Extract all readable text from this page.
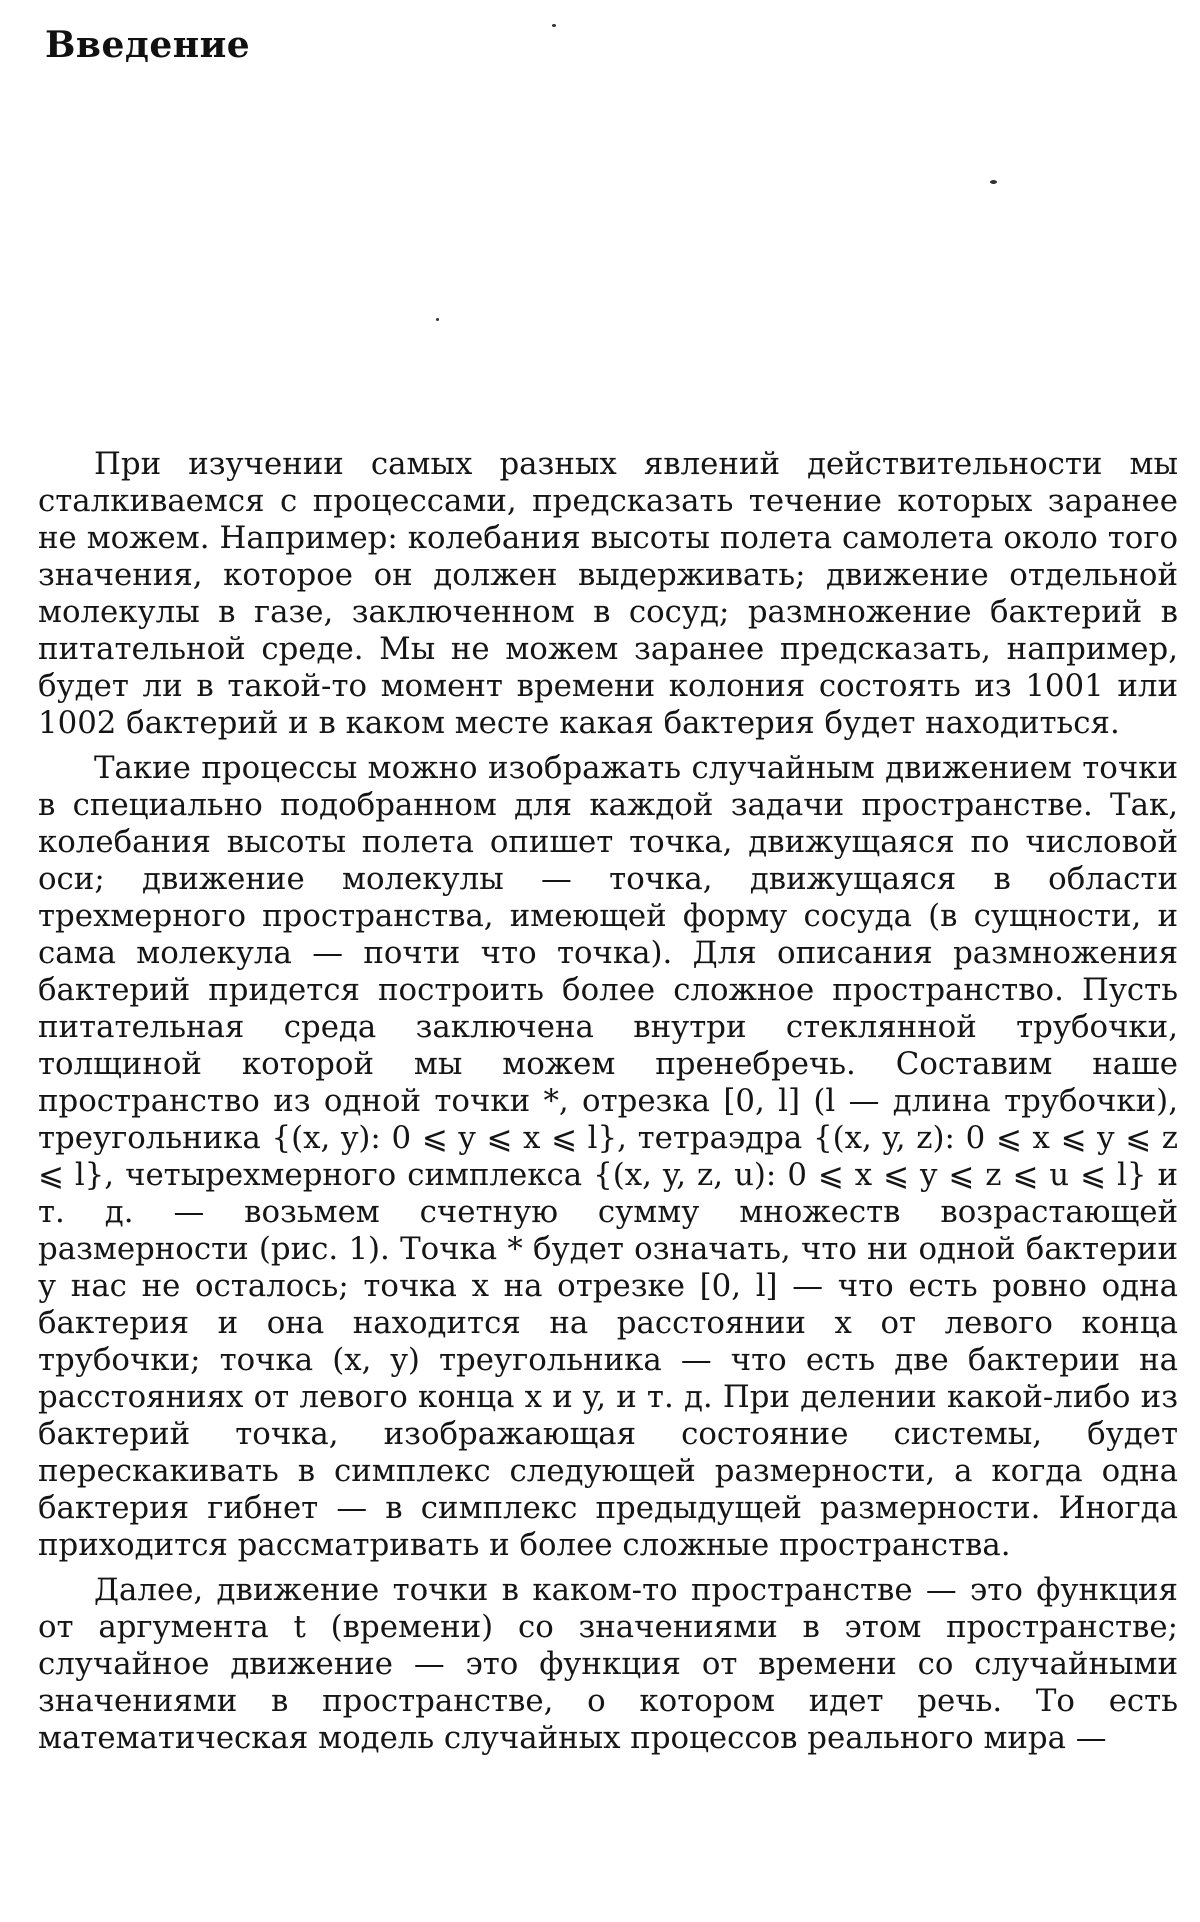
Введение

При изучении самых разных явлений действительности мы сталкиваемся с процессами, предсказать течение которых заранее не можем. Например: колебания высоты полета самолета около того значения, которое он должен выдерживать; движение отдельной молекулы в газе, заключенном в сосуд; размножение бактерий в питательной среде. Мы не можем заранее предсказать, например, будет ли в такой-то момент времени колония состоять из 1001 или 1002 бактерий и в каком месте какая бактерия будет находиться.

Такие процессы можно изображать случайным движением точки в специально подобранном для каждой задачи пространстве. Так, колебания высоты полета опишет точка, движущаяся по числовой оси; движение молекулы — точка, движущаяся в области трехмерного пространства, имеющей форму сосуда (в сущности, и сама молекула — почти что точка). Для описания размножения бактерий придется построить более сложное пространство. Пусть питательная среда заключена внутри стеклянной трубочки, толщиной которой мы можем пренебречь. Составим наше пространство из одной точки *, отрезка [0, l] (l — длина трубочки), треугольника {(x, y): 0 ⩽ y ⩽ x ⩽ l}, тетраэдра {(x, y, z): 0 ⩽ x ⩽ y ⩽ z ⩽ l}, четырехмерного симплекса {(x, y, z, u): 0 ⩽ x ⩽ y ⩽ z ⩽ u ⩽ l} и т. д. — возьмем счетную сумму множеств возрастающей размерности (рис. 1). Точка * будет означать, что ни одной бактерии у нас не осталось; точка x на отрезке [0, l] — что есть ровно одна бактерия и она находится на расстоянии x от левого конца трубочки; точка (x, y) треугольника — что есть две бактерии на расстояниях от левого конца x и y, и т. д. При делении какой-либо из бактерий точка, изображающая состояние системы, будет перескакивать в симплекс следующей размерности, а когда одна бактерия гибнет — в симплекс предыдущей размерности. Иногда приходится рассматривать и более сложные пространства.

Далее, движение точки в каком-то пространстве — это функция от аргумента t (времени) со значениями в этом пространстве; случайное движение — это функция от времени со случайными значениями в пространстве, о котором идет речь. То есть математическая модель случайных процессов реального мира —
